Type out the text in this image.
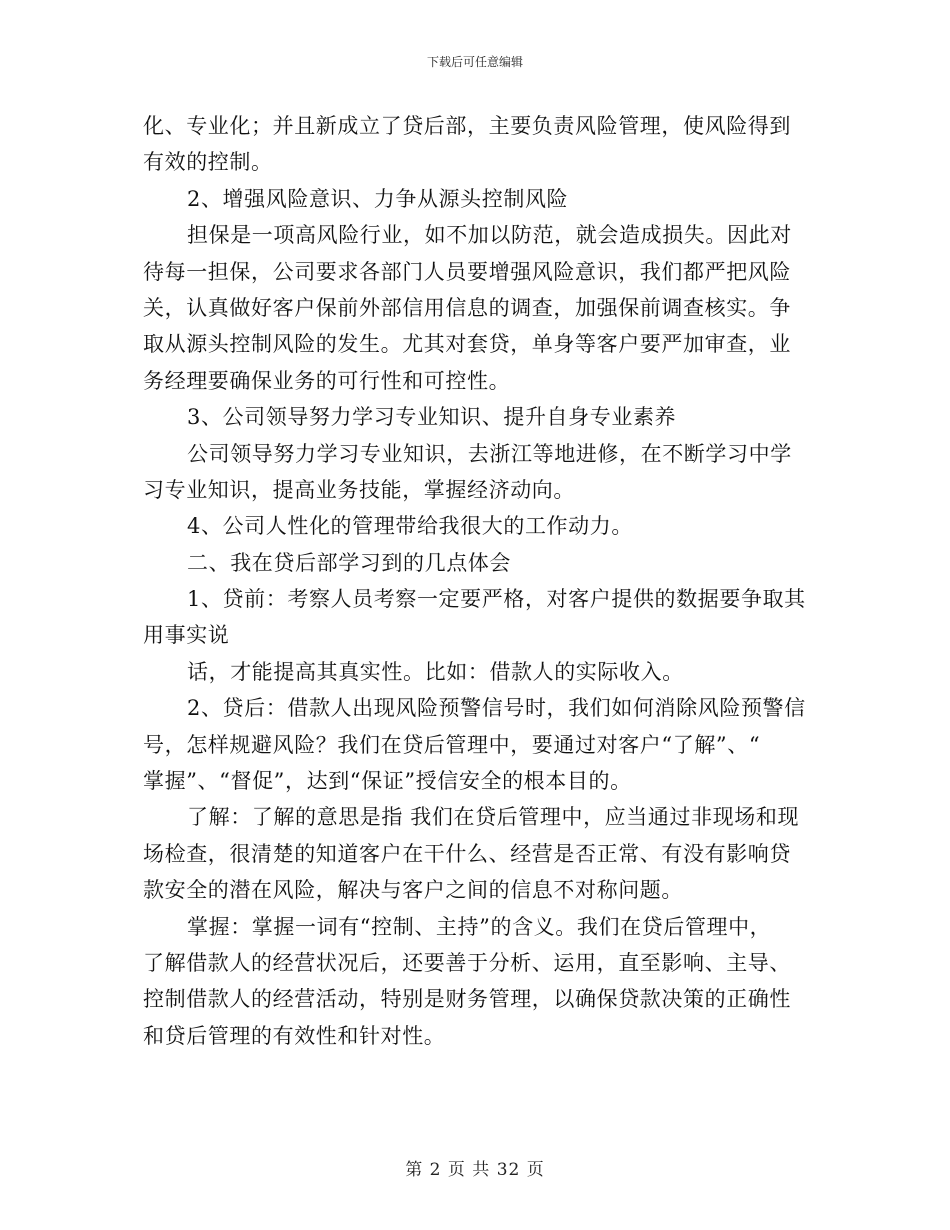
下载后可任意编辑
化、专业化；并且新成立了贷后部，主要负责风险管理，使风险得到
有效的控制。
2、增强风险意识、力争从源头控制风险
担保是一项高风险行业，如不加以防范，就会造成损失。因此对
待每一担保，公司要求各部门人员要增强风险意识，我们都严把风险
关，认真做好客户保前外部信用信息的调查，加强保前调查核实。争
取从源头控制风险的发生。尤其对套贷，单身等客户要严加审查，业
务经理要确保业务的可行性和可控性。
3、公司领导努力学习专业知识、提升自身专业素养
公司领导努力学习专业知识，去浙江等地进修，在不断学习中学
习专业知识，提高业务技能，掌握经济动向。
4、公司人性化的管理带给我很大的工作动力。
二、我在贷后部学习到的几点体会
1、贷前：考察人员考察一定要严格，对客户提供的数据要争取其
用事实说
话，才能提高其真实性。比如：借款人的实际收入。
2、贷后：借款人出现风险预警信号时，我们如何消除风险预警信
号，怎样规避风险？我们在贷后管理中，要通过对客户“了解”、“
掌握”、“督促”，达到“保证”授信安全的根本目的。
了解：了解的意思是指 我们在贷后管理中，应当通过非现场和现
场检查，很清楚的知道客户在干什么、经营是否正常、有没有影响贷
款安全的潜在风险，解决与客户之间的信息不对称问题。
掌握：掌握一词有“控制、主持”的含义。我们在贷后管理中，
了解借款人的经营状况后，还要善于分析、运用，直至影响、主导、
控制借款人的经营活动，特别是财务管理，以确保贷款决策的正确性
和贷后管理的有效性和针对性。
第 2 页 共 32 页
